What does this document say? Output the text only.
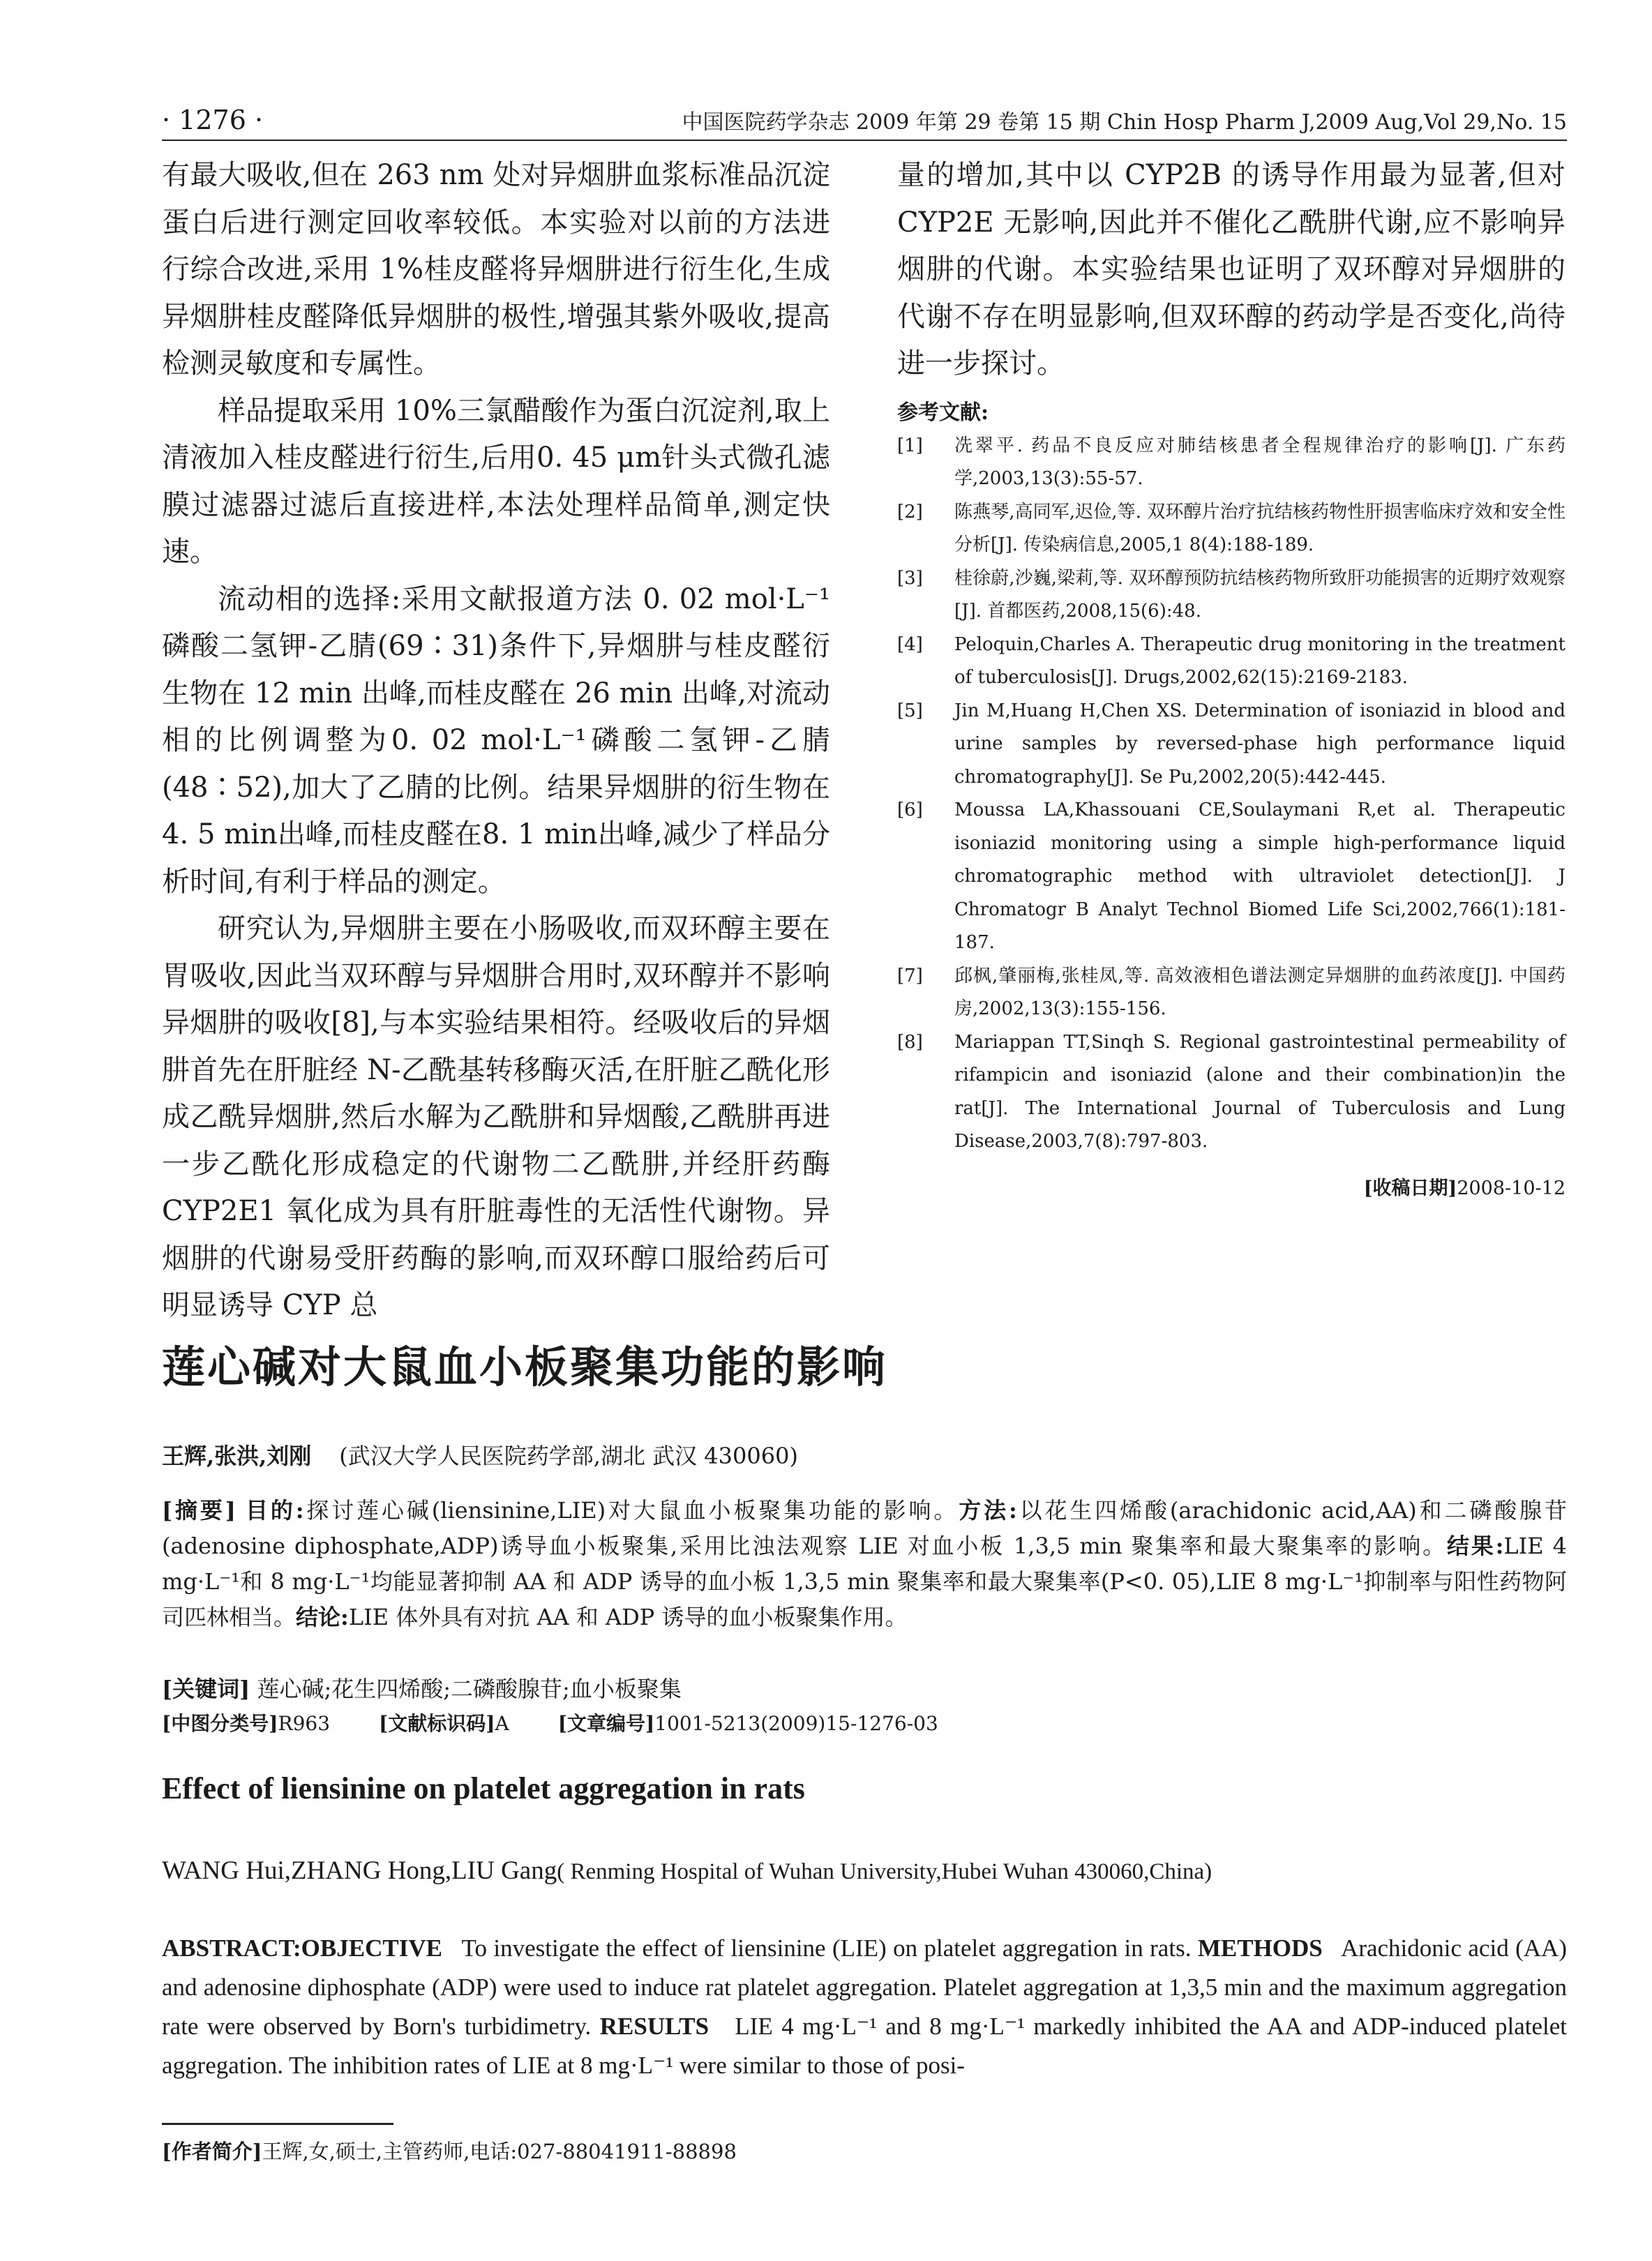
· 1276 ·	中国医院药学杂志 2009 年第 29 卷第 15 期 Chin Hosp Pharm J,2009 Aug,Vol 29,No. 15

有最大吸收,但在 263 nm 处对异烟肼血浆标准品沉淀蛋白后进行测定回收率较低。本实验对以前的方法进行综合改进,采用 1%桂皮醛将异烟肼进行衍生化,生成异烟肼桂皮醛降低异烟肼的极性,增强其紫外吸收,提高检测灵敏度和专属性。

样品提取采用 10%三氯醋酸作为蛋白沉淀剂,取上清液加入桂皮醛进行衍生,后用0. 45 μm针头式微孔滤膜过滤器过滤后直接进样,本法处理样品简单,测定快速。

流动相的选择:采用文献报道方法 0. 02 mol·L⁻¹磷酸二氢钾-乙腈(69∶31)条件下,异烟肼与桂皮醛衍生物在 12 min 出峰,而桂皮醛在 26 min 出峰,对流动相的比例调整为0. 02 mol·L⁻¹磷酸二氢钾-乙腈(48∶52),加大了乙腈的比例。结果异烟肼的衍生物在4. 5 min出峰,而桂皮醛在8. 1 min出峰,减少了样品分析时间,有利于样品的测定。

研究认为,异烟肼主要在小肠吸收,而双环醇主要在胃吸收,因此当双环醇与异烟肼合用时,双环醇并不影响异烟肼的吸收[8],与本实验结果相符。经吸收后的异烟肼首先在肝脏经 N-乙酰基转移酶灭活,在肝脏乙酰化形成乙酰异烟肼,然后水解为乙酰肼和异烟酸,乙酰肼再进一步乙酰化形成稳定的代谢物二乙酰肼,并经肝药酶 CYP2E1 氧化成为具有肝脏毒性的无活性代谢物。异烟肼的代谢易受肝药酶的影响,而双环醇口服给药后可明显诱导 CYP 总

量的增加,其中以 CYP2B 的诱导作用最为显著,但对 CYP2E 无影响,因此并不催化乙酰肼代谢,应不影响异烟肼的代谢。本实验结果也证明了双环醇对异烟肼的代谢不存在明显影响,但双环醇的药动学是否变化,尚待进一步探讨。

参考文献:

[1] 冼翠平. 药品不良反应对肺结核患者全程规律治疗的影响[J]. 广东药学,2003,13(3):55-57.

[2] 陈燕琴,高同军,迟俭,等. 双环醇片治疗抗结核药物性肝损害临床疗效和安全性分析[J]. 传染病信息,2005,1 8(4):188-189.

[3] 桂徐蔚,沙巍,梁莉,等. 双环醇预防抗结核药物所致肝功能损害的近期疗效观察[J]. 首都医药,2008,15(6):48.

[4] Peloquin,Charles A. Therapeutic drug monitoring in the treatment of tuberculosis[J]. Drugs,2002,62(15):2169-2183.

[5] Jin M,Huang H,Chen XS. Determination of isoniazid in blood and urine samples by reversed-phase high performance liquid chromatography[J]. Se Pu,2002,20(5):442-445.

[6] Moussa LA,Khassouani CE,Soulaymani R,et al. Therapeutic isoniazid monitoring using a simple high-performance liquid chromatographic method with ultraviolet detection[J]. J Chromatogr B Analyt Technol Biomed Life Sci,2002,766(1):181-187.

[7] 邱枫,肇丽梅,张桂凤,等. 高效液相色谱法测定异烟肼的血药浓度[J]. 中国药房,2002,13(3):155-156.

[8] Mariappan TT,Sinqh S. Regional gastrointestinal permeability of rifampicin and isoniazid (alone and their combination)in the rat[J]. The International Journal of Tuberculosis and Lung Disease,2003,7(8):797-803.

[收稿日期]2008-10-12
莲心碱对大鼠血小板聚集功能的影响
王辉,张洪,刘刚 (武汉大学人民医院药学部,湖北 武汉 430060)

[摘要] 目的:探讨莲心碱(liensinine,LIE)对大鼠血小板聚集功能的影响。方法:以花生四烯酸(arachidonic acid,AA)和二磷酸腺苷(adenosine diphosphate,ADP)诱导血小板聚集,采用比浊法观察 LIE 对血小板 1,3,5 min 聚集率和最大聚集率的影响。结果:LIE 4 mg·L⁻¹和 8 mg·L⁻¹均能显著抑制 AA 和 ADP 诱导的血小板 1,3,5 min 聚集率和最大聚集率(P<0. 05),LIE 8 mg·L⁻¹抑制率与阳性药物阿司匹林相当。结论:LIE 体外具有对抗 AA 和 ADP 诱导的血小板聚集作用。

[关键词] 莲心碱;花生四烯酸;二磷酸腺苷;血小板聚集
[中图分类号]R963	[文献标识码]A	[文章编号]1001-5213(2009)15-1276-03
Effect of liensinine on platelet aggregation in rats
WANG Hui,ZHANG Hong,LIU Gang( Renming Hospital of Wuhan University,Hubei Wuhan 430060,China)

ABSTRACT:OBJECTIVE To investigate the effect of liensinine (LIE) on platelet aggregation in rats. METHODS Arachidonic acid (AA) and adenosine diphosphate (ADP) were used to induce rat platelet aggregation. Platelet aggregation at 1,3,5 min and the maximum aggregation rate were observed by Born's turbidimetry. RESULTS LIE 4 mg·L⁻¹ and 8 mg·L⁻¹ markedly inhibited the AA and ADP-induced platelet aggregation. The inhibition rates of LIE at 8 mg·L⁻¹ were similar to those of posi-

[作者简介]王辉,女,硕士,主管药师,电话:027-88041911-88898
